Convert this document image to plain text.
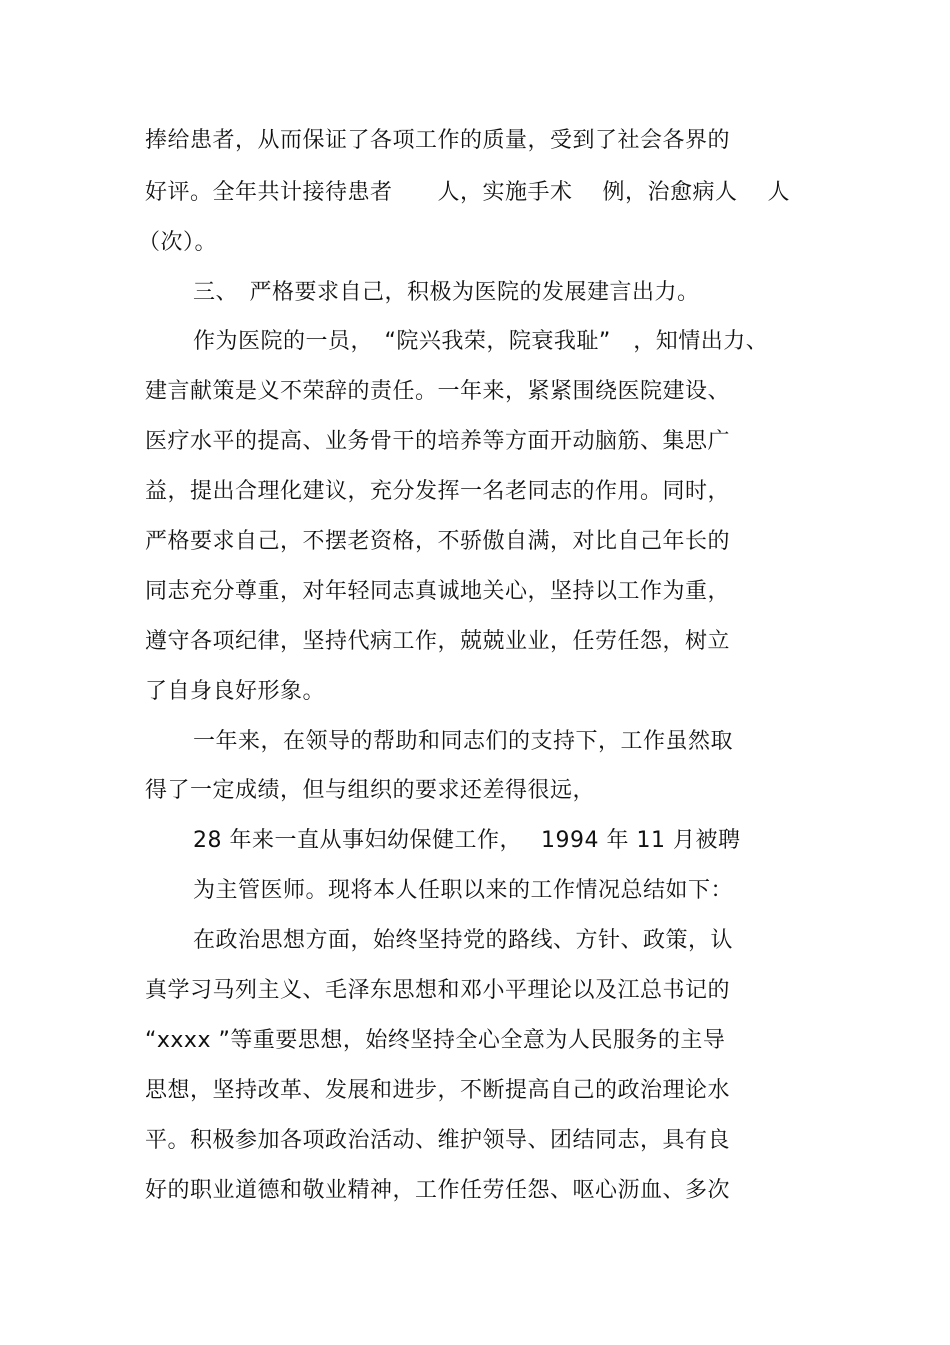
捧给患者，从而保证了各项工作的质量，受到了社会各界的
好评。全年共计接待患者　　人，实施手术　 例，治愈病人　 人
（次）。
三、　严格要求自己，积极为医院的发展建言出力。
作为医院的一员，　“院兴我荣，院衰我耻”　，知情出力、
建言献策是义不荣辞的责任。一年来，紧紧围绕医院建设、
医疗水平的提高、业务骨干的培养等方面开动脑筋、集思广
益，提出合理化建议，充分发挥一名老同志的作用。同时，
严格要求自己，不摆老资格，不骄傲自满，对比自己年长的
同志充分尊重，对年轻同志真诚地关心，坚持以工作为重，
遵守各项纪律，坚持代病工作，兢兢业业，任劳任怨，树立
了自身良好形象。
一年来，在领导的帮助和同志们的支持下，工作虽然取
得了一定成绩，但与组织的要求还差得很远，
28 年来一直从事妇幼保健工作，　 1994 年 11 月被聘
为主管医师。现将本人任职以来的工作情况总结如下：
在政治思想方面，始终坚持党的路线、方针、政策，认
真学习马列主义、毛泽东思想和邓小平理论以及江总书记的
“xxxx ”等重要思想，始终坚持全心全意为人民服务的主导
思想，坚持改革、发展和进步，不断提高自己的政治理论水
平。积极参加各项政治活动、维护领导、团结同志，具有良
好的职业道德和敬业精神，工作任劳任怨、呕心沥血、多次
